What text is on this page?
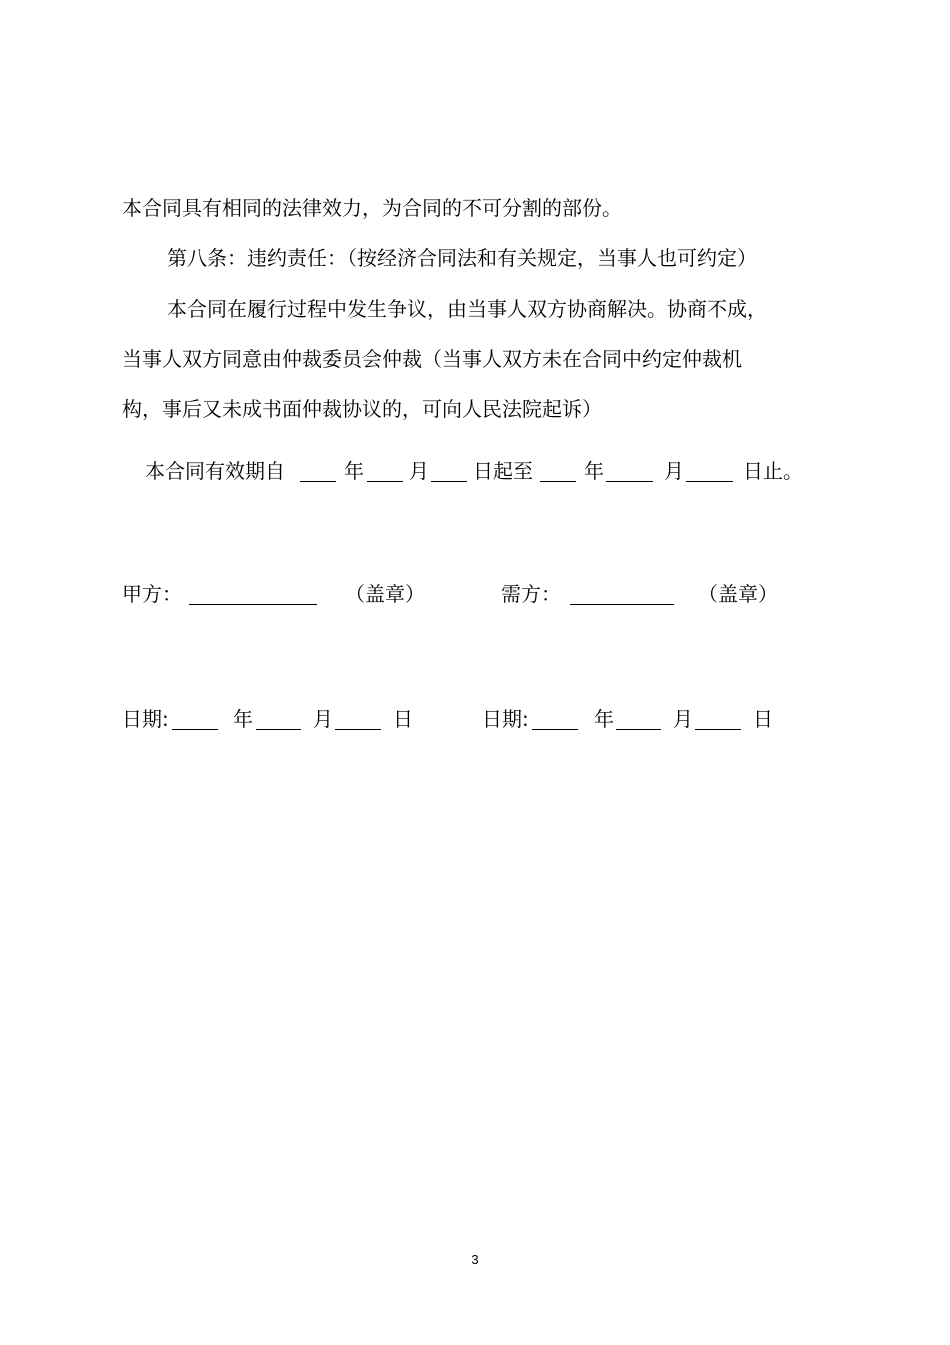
本合同具有相同的法律效力，为合同的不可分割的部份。
第八条：违约责任：（按经济合同法和有关规定，当事人也可约定）
本合同在履行过程中发生争议，由当事人双方协商解决。协商不成，
当事人双方同意由仲裁委员会仲裁（当事人双方未在合同中约定仲裁机
构，事后又未成书面仲裁协议的，可向人民法院起诉）
本合同有效期自	年 月 日起至	年	月	日止。
甲方：	（盖章）	需方：	（盖章）
日期:	年	月	日	日期:	年	月	日
3
